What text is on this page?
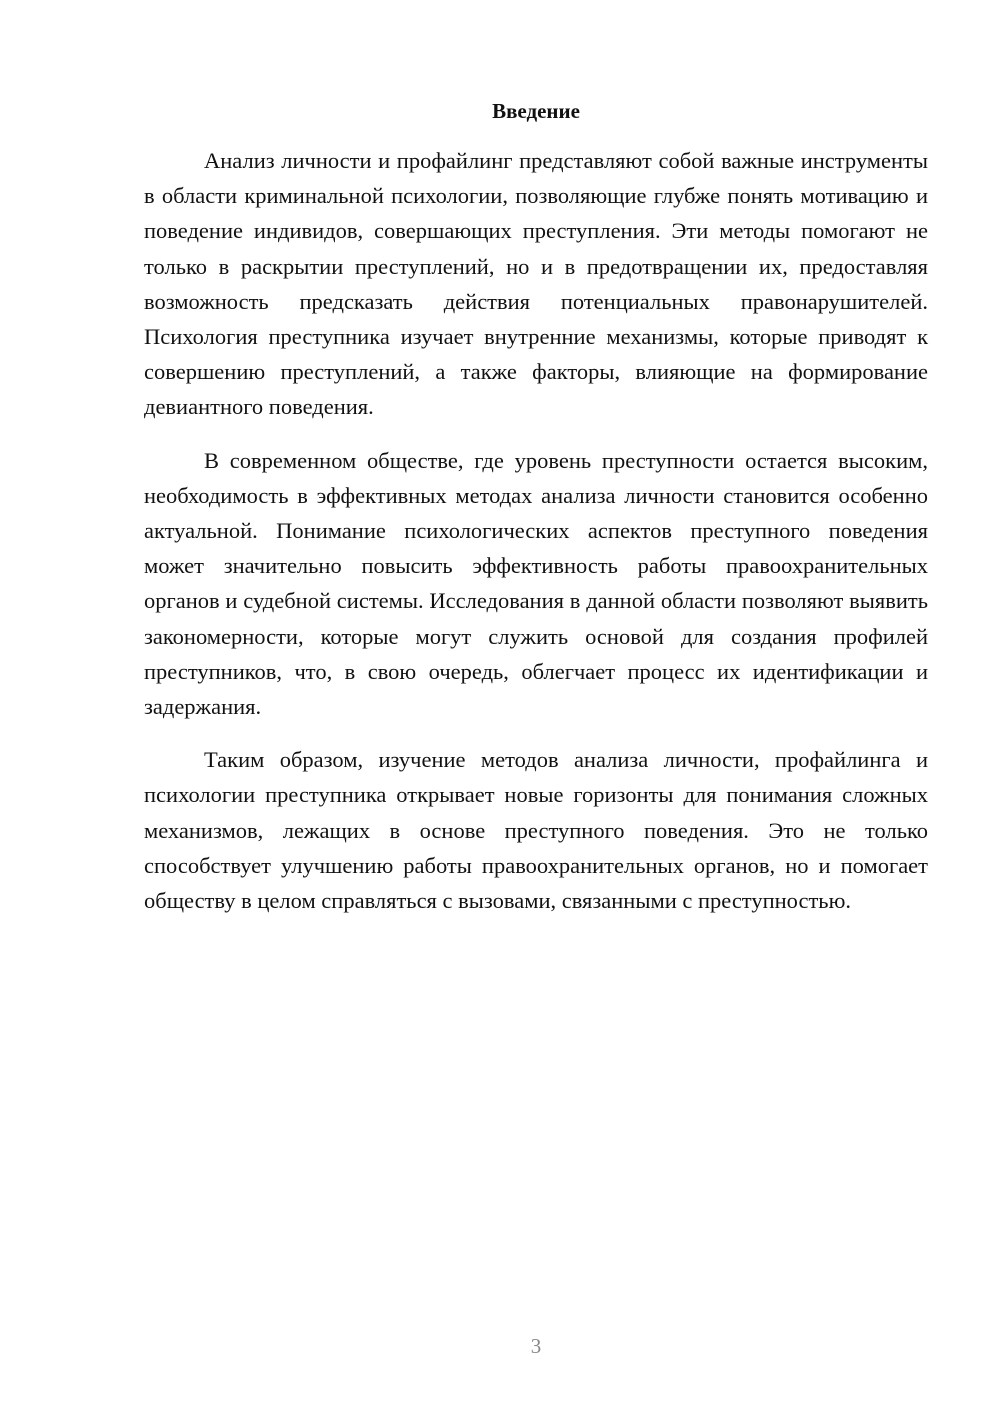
Введение

Анализ личности и профайлинг представляют собой важные инструменты в области криминальной психологии, позволяющие глубже понять мотивацию и поведение индивидов, совершающих преступления. Эти методы помогают не только в раскрытии преступлений, но и в предотвращении их, предоставляя возможность предсказать действия потенциальных правонарушителей. Психология преступника изучает внутренние механизмы, которые приводят к совершению преступлений, а также факторы, влияющие на формирование девиантного поведения.

В современном обществе, где уровень преступности остается высоким, необходимость в эффективных методах анализа личности становится особенно актуальной. Понимание психологических аспектов преступного поведения может значительно повысить эффективность работы правоохранительных органов и судебной системы. Исследования в данной области позволяют выявить закономерности, которые могут служить основой для создания профилей преступников, что, в свою очередь, облегчает процесс их идентификации и задержания.

Таким образом, изучение методов анализа личности, профайлинга и психологии преступника открывает новые горизонты для понимания сложных механизмов, лежащих в основе преступного поведения. Это не только способствует улучшению работы правоохранительных органов, но и помогает обществу в целом справляться с вызовами, связанными с преступностью.

3
